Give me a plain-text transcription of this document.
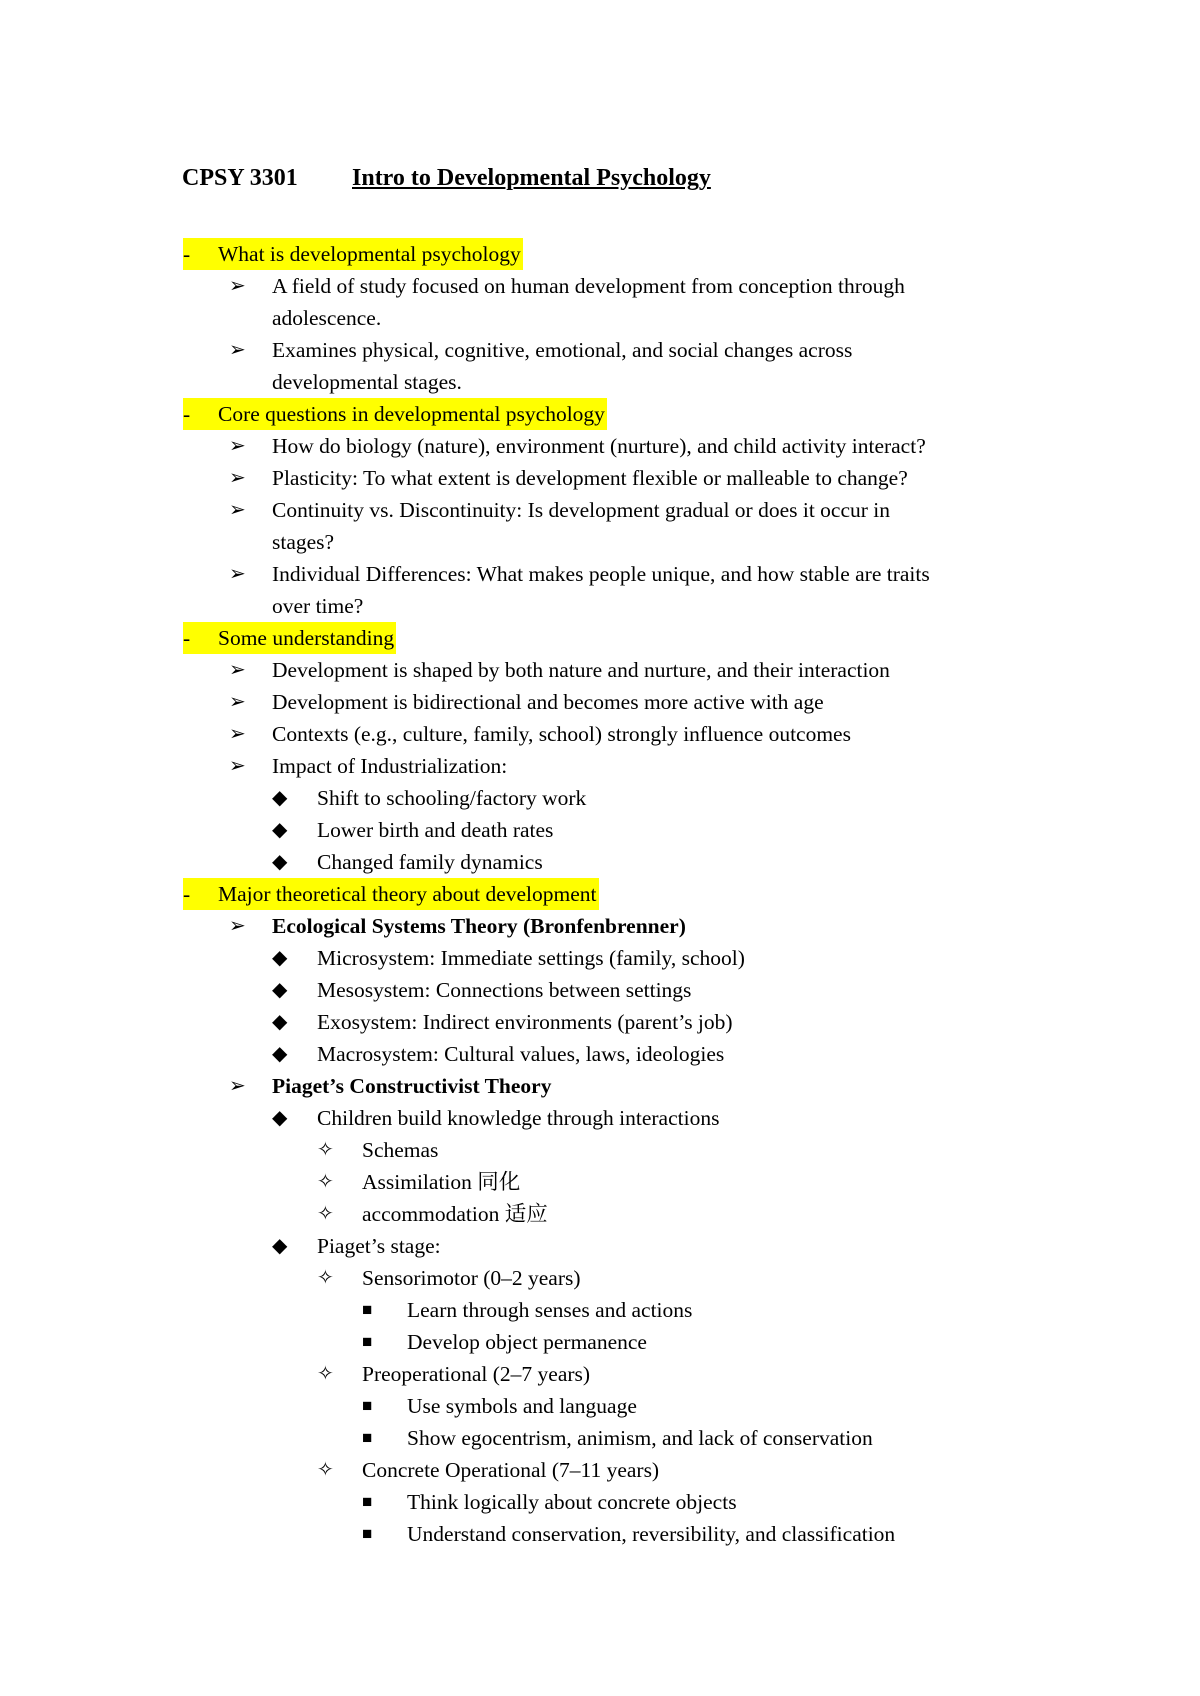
CPSY 3301 Intro to Developmental Psychology
What is developmental psychology
-
➢	A field of study focused on human development from conception through
adolescence.
➢	Examines physical, cognitive, emotional, and social changes across
developmental stages.
Core questions in developmental psychology
-
➢	How do biology (nature), environment (nurture), and child activity interact?
➢	Plasticity: To what extent is development flexible or malleable to change?
➢	Continuity vs. Discontinuity: Is development gradual or does it occur in
stages?
➢	Individual Differences: What makes people unique, and how stable are traits
over time?
Some understanding
-
➢	Development is shaped by both nature and nurture, and their interaction
➢	Development is bidirectional and becomes more active with age
➢	Contexts (e.g., culture, family, school) strongly influence outcomes
➢	Impact of Industrialization:
◆	Shift to schooling/factory work
◆	Lower birth and death rates
◆	Changed family dynamics
Major theoretical theory about development
-
➢	Ecological Systems Theory (Bronfenbrenner)
◆	Microsystem: Immediate settings (family, school)
◆	Mesosystem: Connections between settings
◆	Exosystem: Indirect environments (parent’s job)
◆	Macrosystem: Cultural values, laws, ideologies
➢	Piaget’s Constructivist Theory
◆	Children build knowledge through interactions
✧	Schemas
✧	Assimilation 同化
✧	accommodation 适应
◆	Piaget’s stage:
✧	Sensorimotor (0–2 years)
■	Learn through senses and actions
■	Develop object permanence
✧	Preoperational (2–7 years)
■	Use symbols and language
■	Show egocentrism, animism, and lack of conservation
✧	Concrete Operational (7–11 years)
■	Think logically about concrete objects
■	Understand conservation, reversibility, and classification
